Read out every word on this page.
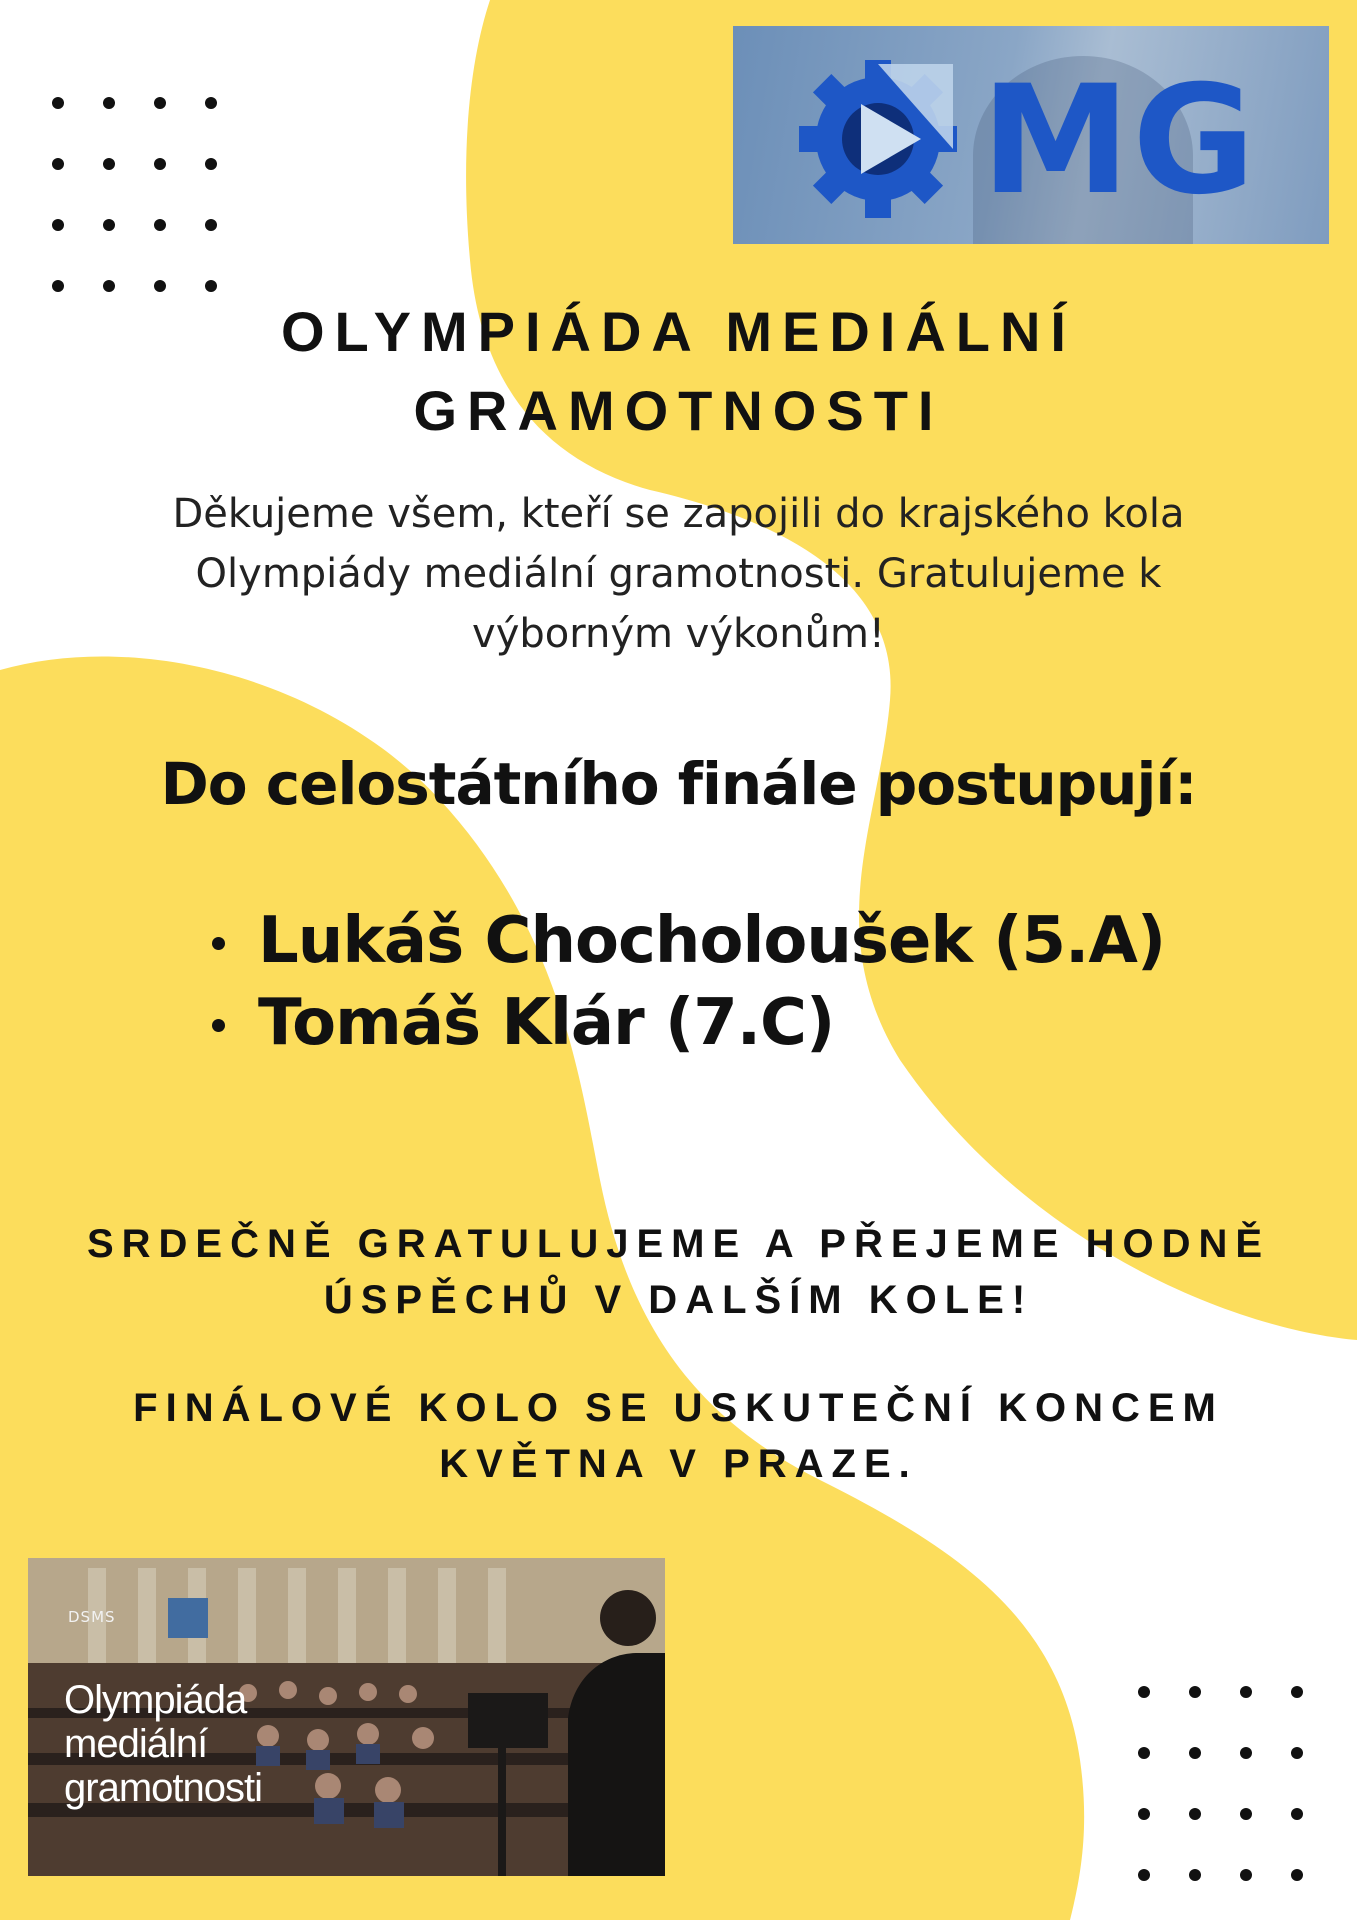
MG
OLYMPIÁDA MEDIÁLNÍ GRAMOTNOSTI

Děkujeme všem, kteří se zapojili do krajského kola Olympiády mediální gramotnosti. Gratulujeme k výborným výkonům!

Do celostátního finále postupují:
Lukáš Chocholoušek (5.A)
Tomáš Klár (7.C)

SRDEČNĚ GRATULUJEME A PŘEJEME HODNĚ ÚSPĚCHŮ V DALŠÍM KOLE!

FINÁLOVÉ KOLO SE USKUTEČNÍ KONCEM KVĚTNA V PRAZE.

DSMS
Olympiáda
mediální
gramotnosti
